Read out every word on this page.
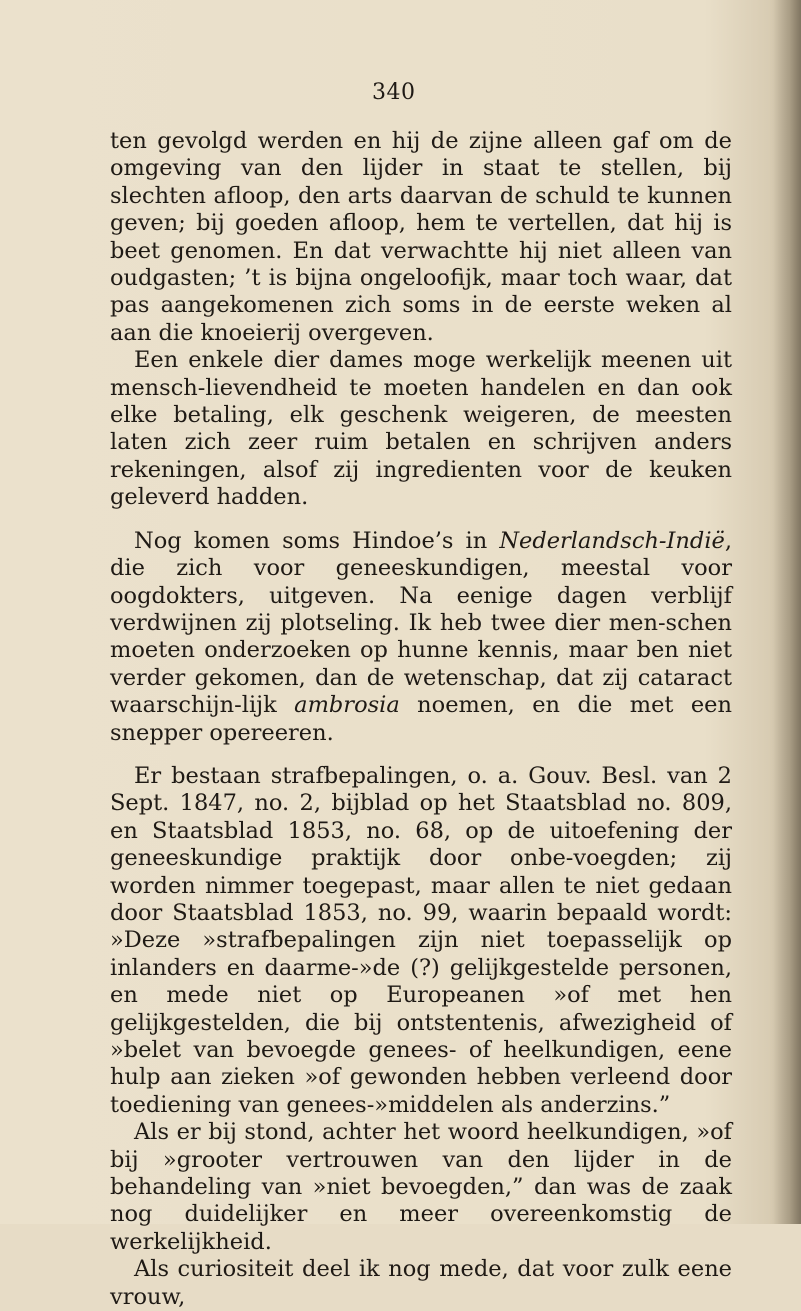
340

ten gevolgd werden en hij de zijne alleen gaf om de omgeving van den lijder in staat te stellen, bij slechten afloop, den arts daarvan de schuld te kunnen geven; bij goeden afloop, hem te vertellen, dat hij is beet genomen. En dat verwachtte hij niet alleen van oudgasten; ’t is bijna ongeloofijk, maar toch waar, dat pas aangekomenen zich soms in de eerste weken al aan die knoeierij overgeven.

Een enkele dier dames moge werkelijk meenen uit mensch-lievendheid te moeten handelen en dan ook elke betaling, elk geschenk weigeren, de meesten laten zich zeer ruim betalen en schrijven anders rekeningen, alsof zij ingredienten voor de keuken geleverd hadden.

Nog komen soms Hindoe’s in Nederlandsch-Indië, die zich voor geneeskundigen, meestal voor oogdokters, uitgeven. Na eenige dagen verblijf verdwijnen zij plotseling. Ik heb twee dier men-schen moeten onderzoeken op hunne kennis, maar ben niet verder gekomen, dan de wetenschap, dat zij cataract waarschijn-lijk ambrosia noemen, en die met een snepper opereeren.

Er bestaan strafbepalingen, o. a. Gouv. Besl. van 2 Sept. 1847, no. 2, bijblad op het Staatsblad no. 809, en Staatsblad 1853, no. 68, op de uitoefening der geneeskundige praktijk door onbe-voegden; zij worden nimmer toegepast, maar allen te niet gedaan door Staatsblad 1853, no. 99, waarin bepaald wordt: »Deze »strafbepalingen zijn niet toepasselijk op inlanders en daarme-»de (?) gelijkgestelde personen, en mede niet op Europeanen »of met hen gelijkgestelden, die bij ontstentenis, afwezigheid of »belet van bevoegde genees- of heelkundigen, eene hulp aan zieken »of gewonden hebben verleend door toediening van genees-»middelen als anderzins.”

Als er bij stond, achter het woord heelkundigen, »of bij »grooter vertrouwen van den lijder in de behandeling van »niet bevoegden,” dan was de zaak nog duidelijker en meer overeenkomstig de werkelijkheid.

Als curiositeit deel ik nog mede, dat voor zulk eene vrouw,
